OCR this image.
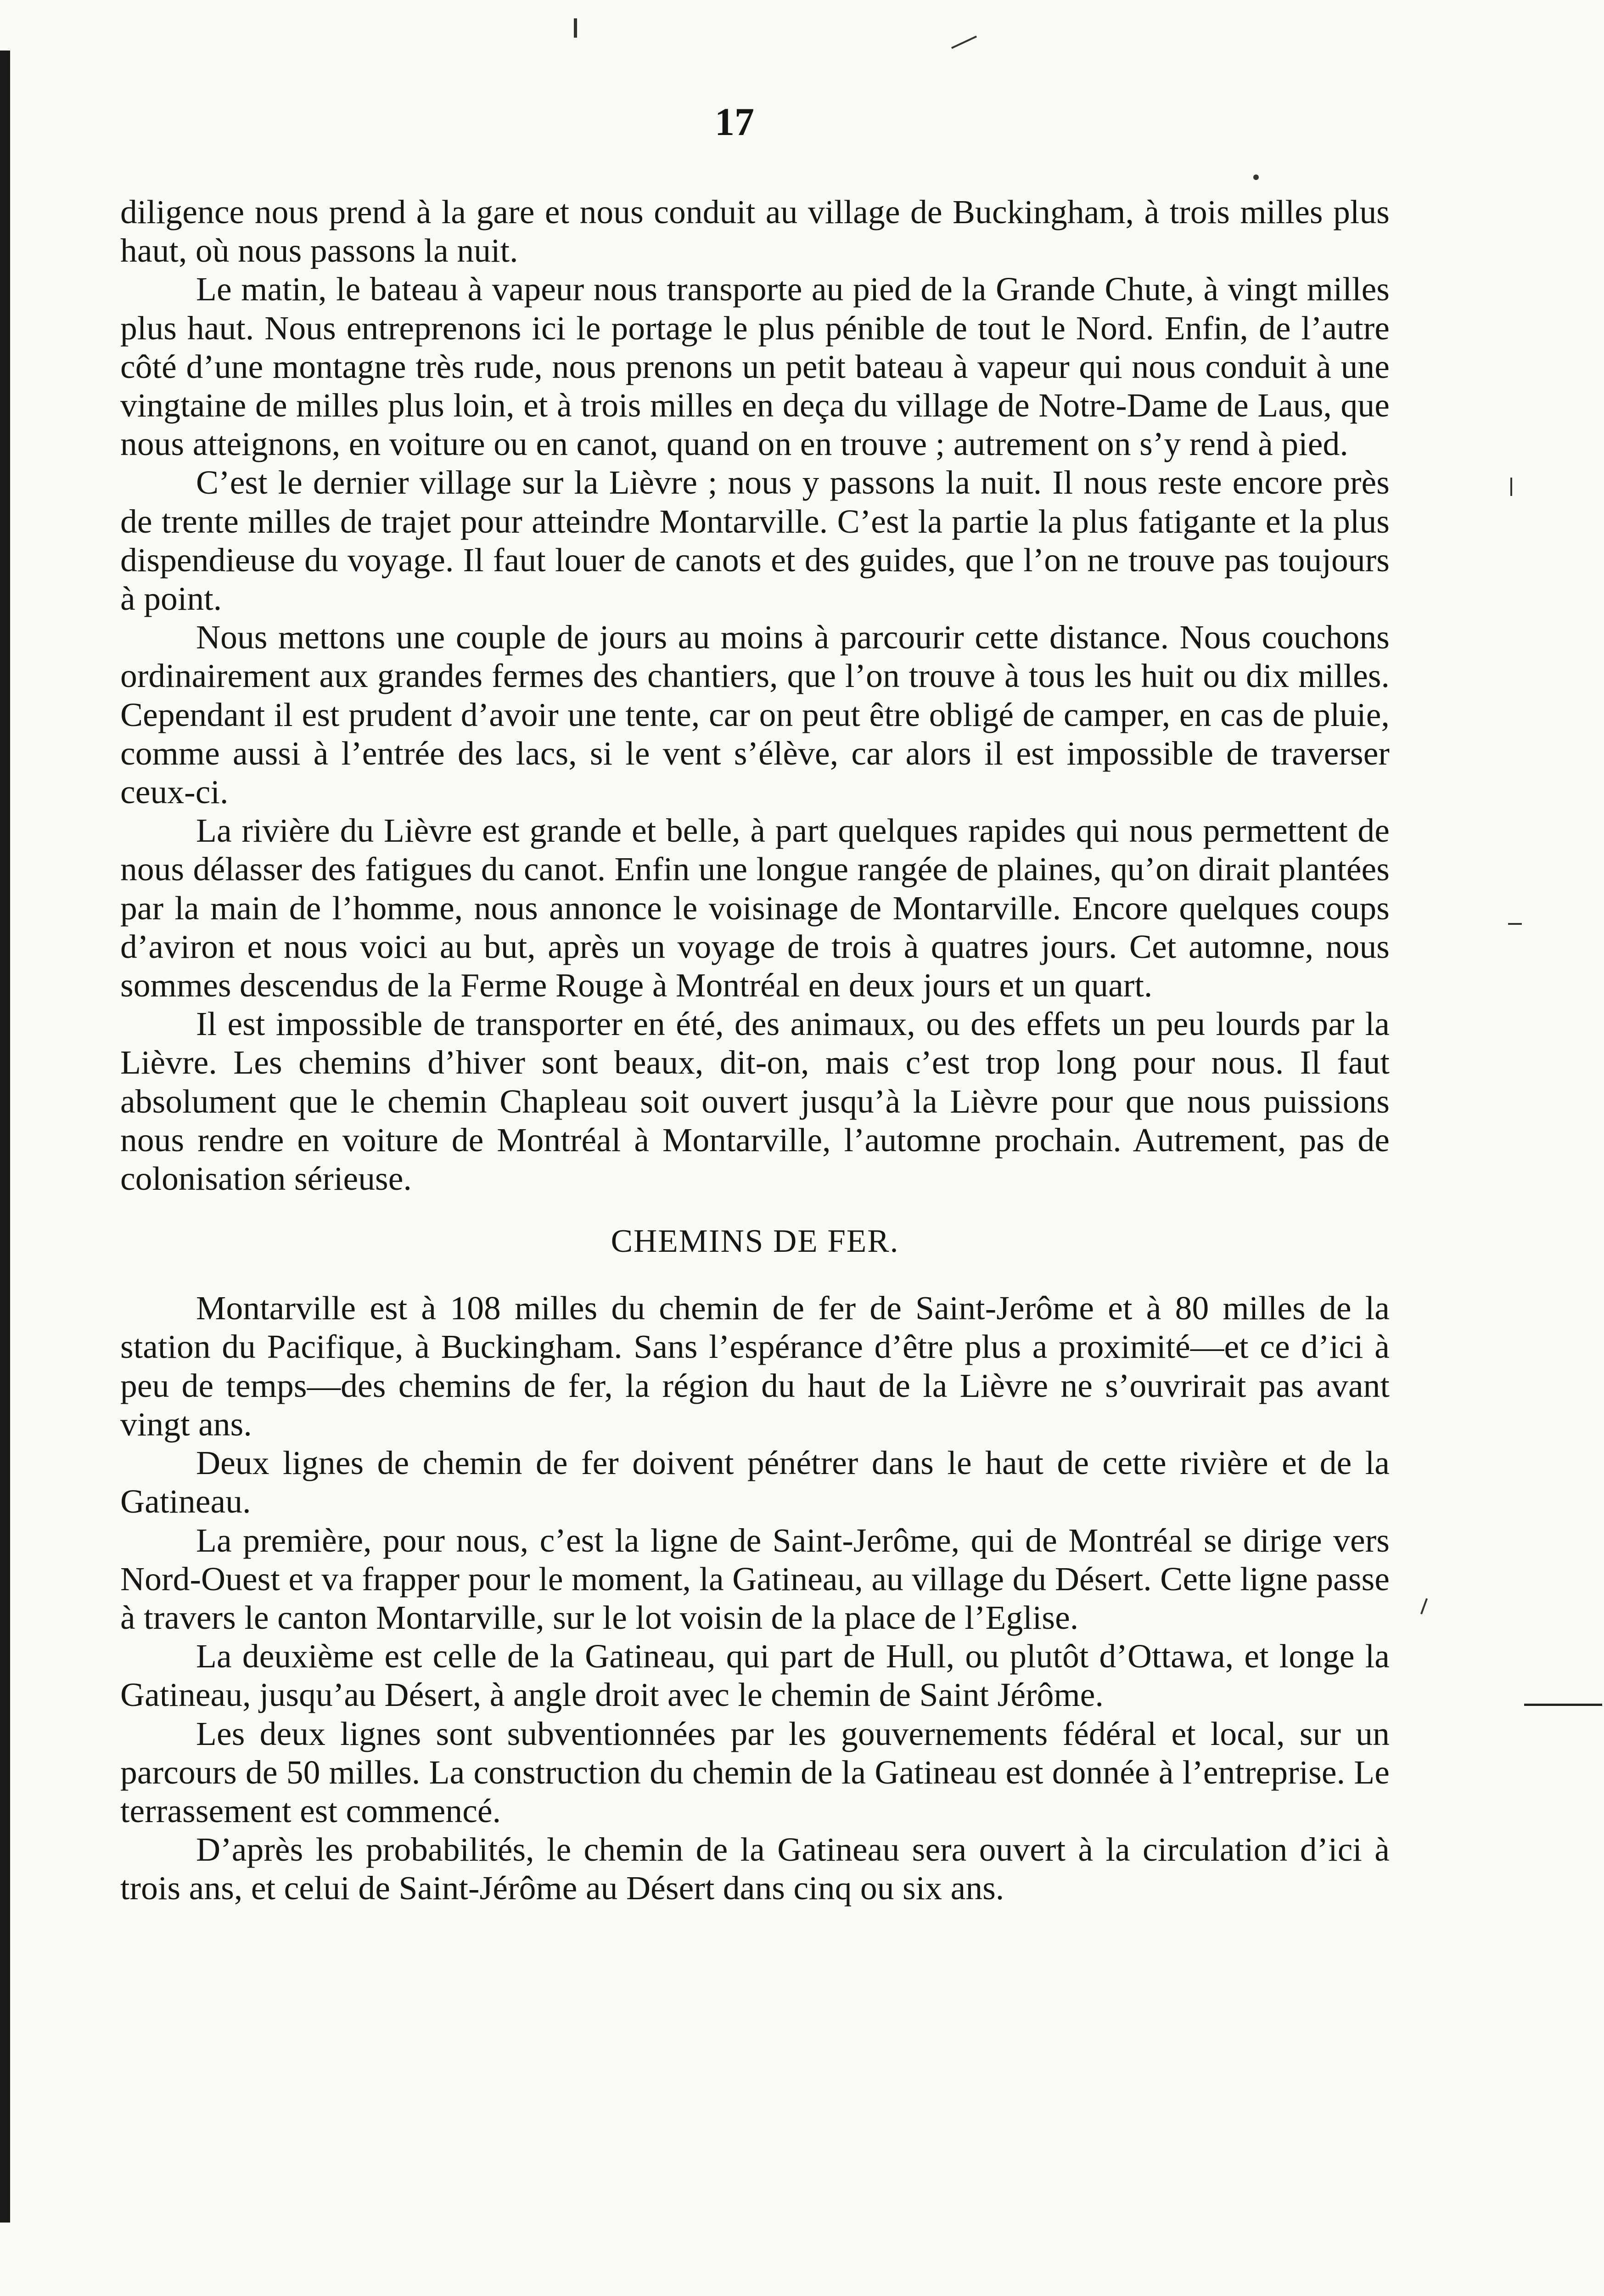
17

diligence nous prend à la gare et nous conduit au village de Buckingham, à trois milles plus haut, où nous passons la nuit.

Le matin, le bateau à vapeur nous transporte au pied de la Grande Chute, à vingt milles plus haut. Nous entreprenons ici le portage le plus pénible de tout le Nord. Enfin, de l’autre côté d’une montagne très rude, nous prenons un petit bateau à vapeur qui nous conduit à une vingtaine de milles plus loin, et à trois milles en deça du village de Notre-Dame de Laus, que nous atteignons, en voiture ou en canot, quand on en trouve ; autrement on s’y rend à pied.

C’est le dernier village sur la Lièvre ; nous y passons la nuit. Il nous reste encore près de trente milles de trajet pour atteindre Montarville. C’est la partie la plus fatigante et la plus dispendieuse du voyage. Il faut louer de canots et des guides, que l’on ne trouve pas toujours à point.

Nous mettons une couple de jours au moins à parcourir cette distance. Nous couchons ordinairement aux grandes fermes des chantiers, que l’on trouve à tous les huit ou dix milles. Cependant il est prudent d’avoir une tente, car on peut être obligé de camper, en cas de pluie, comme aussi à l’entrée des lacs, si le vent s’élève, car alors il est impossible de traverser ceux-ci.

La rivière du Lièvre est grande et belle, à part quelques rapides qui nous permettent de nous délasser des fatigues du canot. Enfin une longue rangée de plaines, qu’on dirait plantées par la main de l’homme, nous annonce le voisinage de Montarville. Encore quelques coups d’aviron et nous voici au but, après un voyage de trois à quatres jours. Cet automne, nous sommes descendus de la Ferme Rouge à Montréal en deux jours et un quart.

Il est impossible de transporter en été, des animaux, ou des effets un peu lourds par la Lièvre. Les chemins d’hiver sont beaux, dit-on, mais c’est trop long pour nous. Il faut absolument que le chemin Chapleau soit ouvert jusqu’à la Lièvre pour que nous puissions nous rendre en voiture de Montréal à Montarville, l’automne prochain. Autrement, pas de colonisation sérieuse.

CHEMINS DE FER.

Montarville est à 108 milles du chemin de fer de Saint-Jerôme et à 80 milles de la station du Pacifique, à Buckingham. Sans l’espérance d’être plus a proximité—et ce d’ici à peu de temps—des chemins de fer, la région du haut de la Lièvre ne s’ouvrirait pas avant vingt ans.

Deux lignes de chemin de fer doivent pénétrer dans le haut de cette rivière et de la Gatineau.

La première, pour nous, c’est la ligne de Saint-Jerôme, qui de Montréal se dirige vers Nord-Ouest et va frapper pour le moment, la Gatineau, au village du Désert. Cette ligne passe à travers le canton Montarville, sur le lot voisin de la place de l’Eglise.

La deuxième est celle de la Gatineau, qui part de Hull, ou plutôt d’Ottawa, et longe la Gatineau, jusqu’au Désert, à angle droit avec le chemin de Saint Jérôme.

Les deux lignes sont subventionnées par les gouvernements fédéral et local, sur un parcours de 50 milles. La construction du chemin de la Gatineau est donnée à l’entreprise. Le terrassement est commencé.

D’après les probabilités, le chemin de la Gatineau sera ouvert à la circulation d’ici à trois ans, et celui de Saint-Jérôme au Désert dans cinq ou six ans.
